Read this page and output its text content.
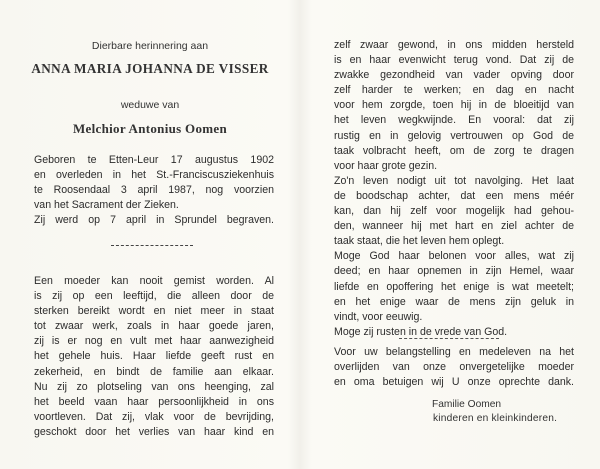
Dierbare herinnering aan
ANNA MARIA JOHANNA DE VISSER
weduwe van
Melchior Antonius Oomen
Geboren te Etten-Leur 17 augustus 1902
en overleden in het St.-Franciscusziekenhuis
te Roosendaal 3 april 1987, nog voorzien
van het Sacrament der Zieken.
Zij werd op 7 april in Sprundel begraven.
Een moeder kan nooit gemist worden. Al
is zij op een leeftijd, die alleen door de
sterken bereikt wordt en niet meer in staat
tot zwaar werk, zoals in haar goede jaren,
zij is er nog en vult met haar aanwezigheid
het gehele huis. Haar liefde geeft rust en
zekerheid, en bindt de familie aan elkaar.
Nu zij zo plotseling van ons heenging, zal
het beeld vaan haar persoonlijkheid in ons
voortleven. Dat zij, vlak voor de bevrijding,
geschokt door het verlies van haar kind en
zelf zwaar gewond, in ons midden hersteld
is en haar evenwicht terug vond. Dat zij de
zwakke gezondheid van vader opving door
zelf harder te werken; en dag en nacht
voor hem zorgde, toen hij in de bloeitijd van
het leven wegkwijnde. En vooral: dat zij
rustig en in gelovig vertrouwen op God de
taak volbracht heeft, om de zorg te dragen
voor haar grote gezin.
Zo'n leven nodigt uit tot navolging. Het laat
de boodschap achter, dat een mens méér
kan, dan hij zelf voor mogelijk had gehou-
den, wanneer hij met hart en ziel achter de
taak staat, die het leven hem oplegt.
Moge God haar belonen voor alles, wat zij
deed; en haar opnemen in zijn Hemel, waar
liefde en opoffering het enige is wat meetelt;
en het enige waar de mens zijn geluk in
vindt, voor eeuwig.
Moge zij rusten in de vrede van God.
Voor uw belangstelling en medeleven na het
overlijden van onze onvergetelijke moeder
en oma betuigen wij U onze oprechte dank.
Familie Oomen
kinderen en kleinkinderen.
